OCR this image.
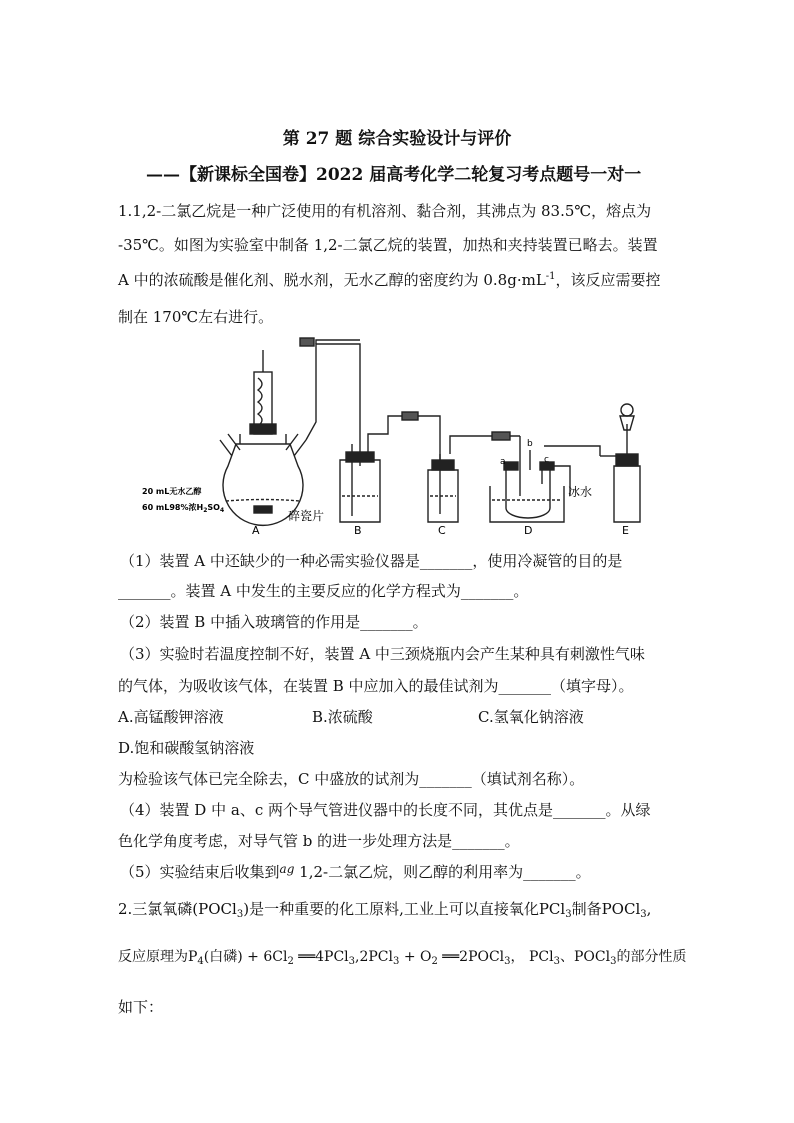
第 27 题 综合实验设计与评价
——【新课标全国卷】2022 届高考化学二轮复习考点题号一对一
1.1,2-二氯乙烷是一种广泛使用的有机溶剂、黏合剂，其沸点为 83.5℃，熔点为
-35℃。如图为实验室中制备 1,2-二氯乙烷的装置，加热和夹持装置已略去。装置
A 中的浓硫酸是催化剂、脱水剂，无水乙醇的密度约为 $0.8g\cdot mL^{-1}$，该反应需要控
制在 170℃左右进行。
A	B	C	D	E
20 mL无水乙醇
60 mL98%浓$H_2SO_4$	碎瓷片
冰水
a
b
c
（1）装置 A 中还缺少的一种必需实验仪器是_______，使用冷凝管的目的是
_______。装置 A 中发生的主要反应的化学方程式为_______。
（2）装置 B 中插入玻璃管的作用是_______。
（3）实验时若温度控制不好，装置 A 中三颈烧瓶内会产生某种具有刺激性气味
的气体，为吸收该气体，在装置 B 中应加入的最佳试剂为_______（填字母）。
A.高锰酸钾溶液	B.浓硫酸	C.氢氧化钠溶液
D.饱和碳酸氢钠溶液
为检验该气体已完全除去，C 中盛放的试剂为_______（填试剂名称）。
（4）装置 D 中 a、c 两个导气管进仪器中的长度不同，其优点是_______。从绿
色化学角度考虑，对导气管 b 的进一步处理方法是_______。
（5）实验结束后收集到$^{ag}$ 1,2-二氯乙烷，则乙醇的利用率为_______。
2.三氯氧磷(POCl$_3$)是一种重要的化工原料,工业上可以直接氧化PCl$_3$制备POCl$_3$,
反应原理为$P_4$(白磷) + $6Cl_2$ ══4PCl$_3$,2PCl$_3$ + $O_2$ ══2POCl$_3$， PCl$_3$、POCl$_3$的部分性质
如下：
